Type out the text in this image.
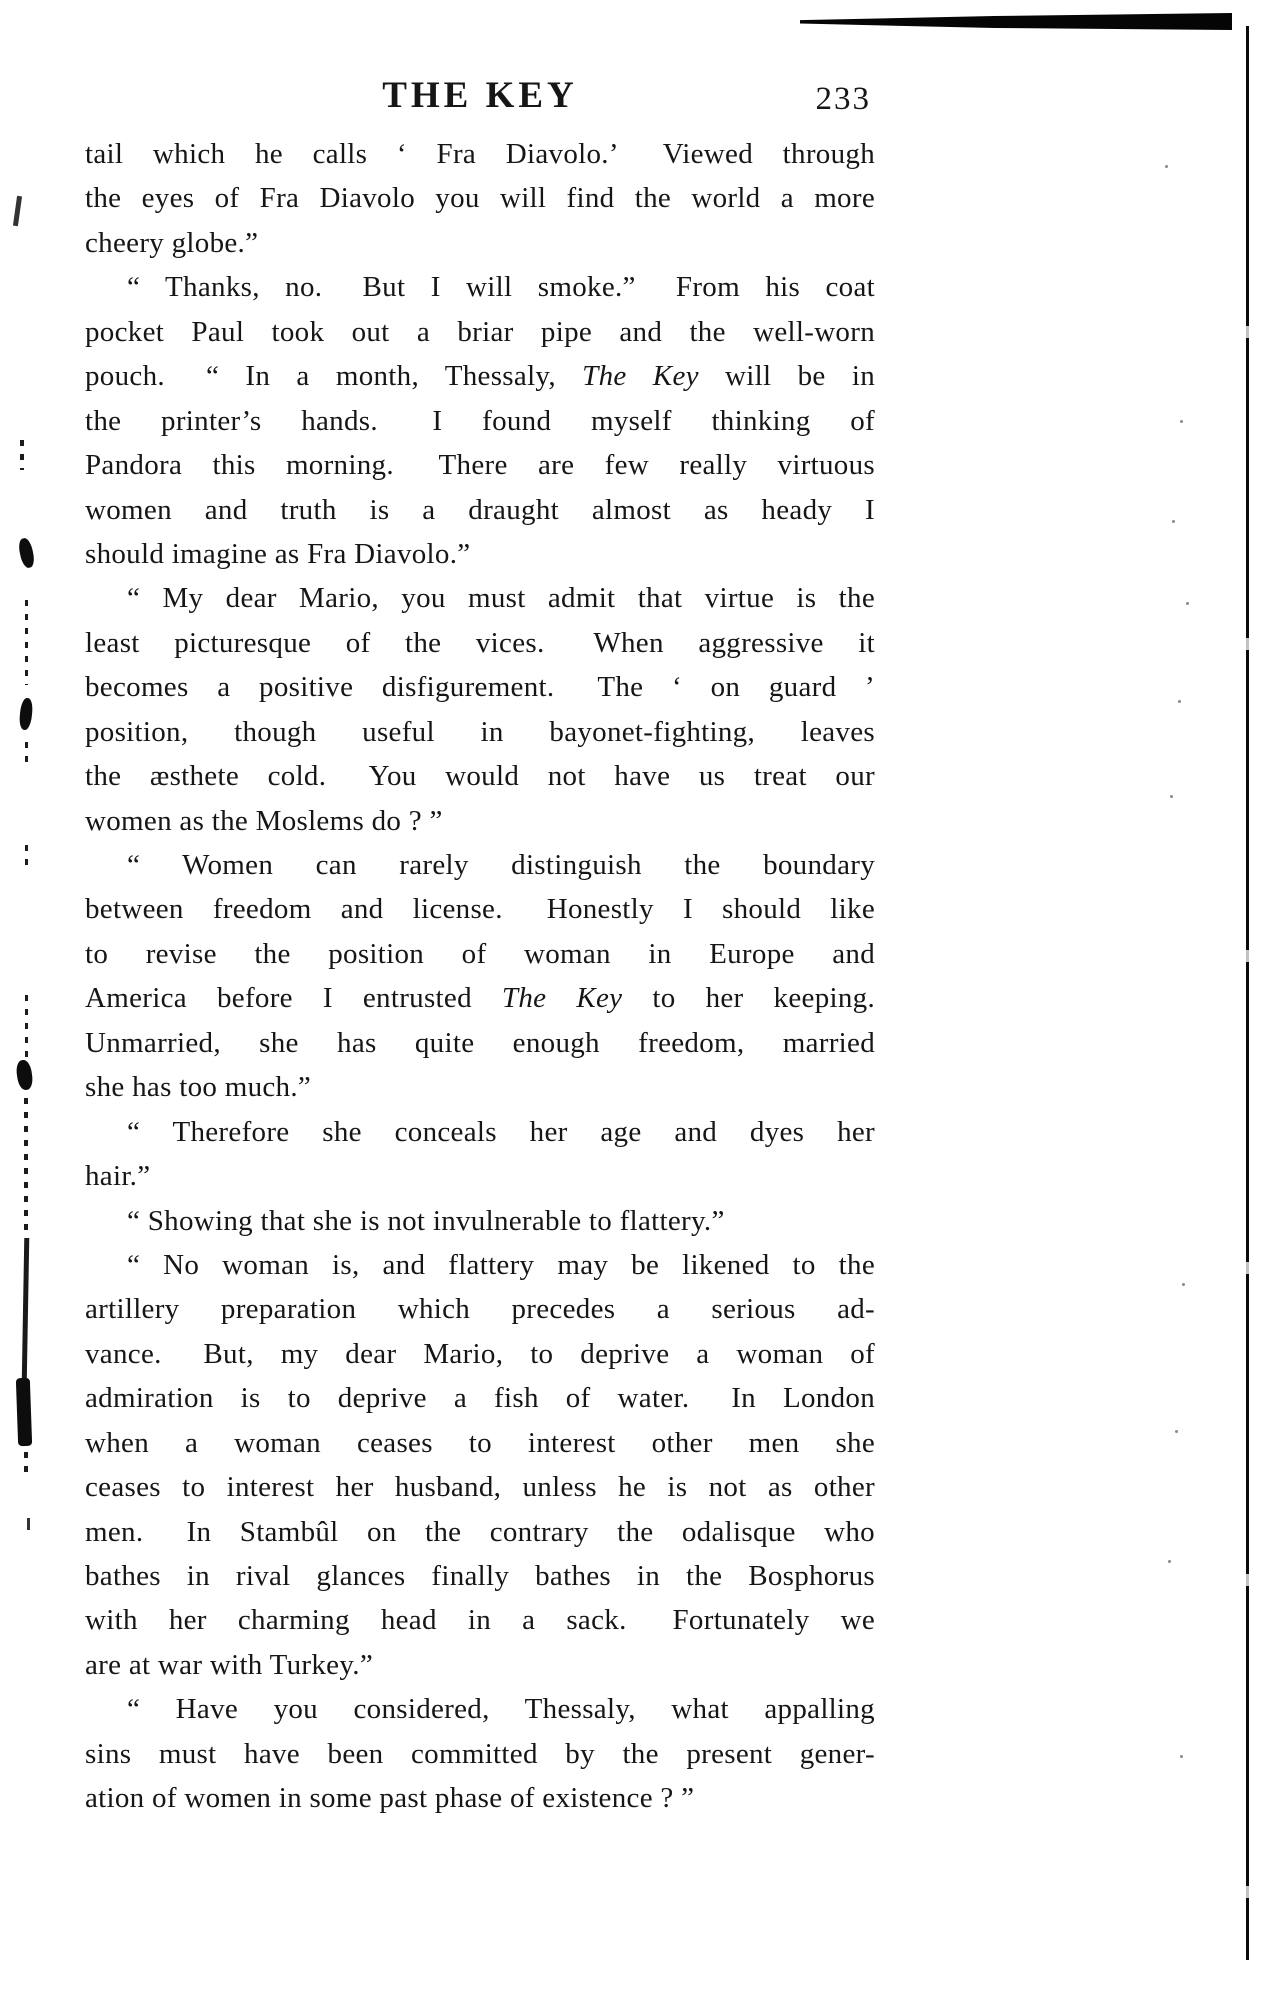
THE KEY	233
tail which he calls ‘ Fra Diavolo.’  Viewed through
the eyes of Fra Diavolo you will find the world a more
cheery globe.”
“ Thanks, no.  But I will smoke.”  From his coat
pocket Paul took out a briar pipe and the well-worn
pouch.  “ In a month, Thessaly, The Key will be in
the printer’s hands.  I found myself thinking of
Pandora this morning.  There are few really virtuous
women and truth is a draught almost as heady I
should imagine as Fra Diavolo.”
“ My dear Mario, you must admit that virtue is the
least picturesque of the vices.  When aggressive it
becomes a positive disfigurement.  The ‘ on guard ’
position, though useful in bayonet-fighting, leaves
the æsthete cold.  You would not have us treat our
women as the Moslems do ? ”
“ Women can rarely distinguish the boundary
between freedom and license.  Honestly I should like
to revise the position of woman in Europe and
America before I entrusted The Key to her keeping.
Unmarried, she has quite enough freedom, married
she has too much.”
“ Therefore she conceals her age and dyes her
hair.”
“ Showing that she is not invulnerable to flattery.”
“ No woman is, and flattery may be likened to the
artillery preparation which precedes a serious ad-
vance.  But, my dear Mario, to deprive a woman of
admiration is to deprive a fish of water.  In London
when a woman ceases to interest other men she
ceases to interest her husband, unless he is not as other
men.  In Stambûl on the contrary the odalisque who
bathes in rival glances finally bathes in the Bosphorus
with her charming head in a sack.  Fortunately we
are at war with Turkey.”
“ Have you considered, Thessaly, what appalling
sins must have been committed by the present gener-
ation of women in some past phase of existence ? ”
